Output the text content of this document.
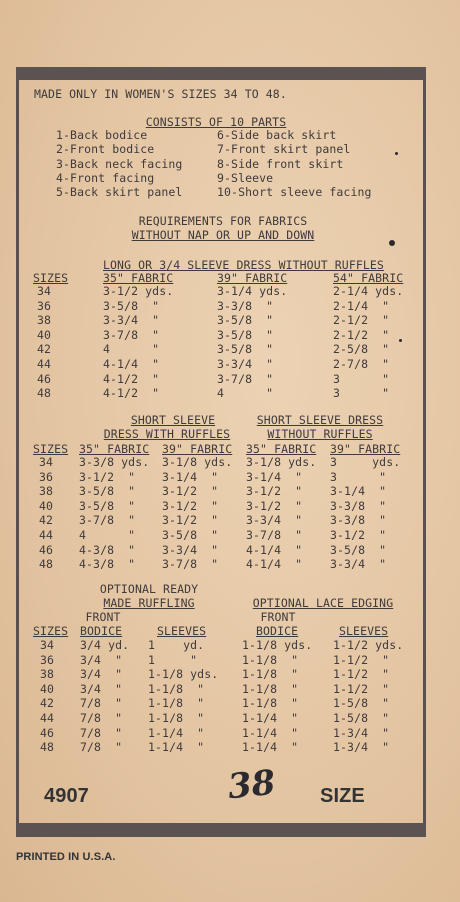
MADE ONLY IN WOMEN'S SIZES 34 TO 48.
CONSISTS OF 10 PARTS
1-Back bodice
2-Front bodice
3-Back neck facing
4-Front facing
5-Back skirt panel
6-Side back skirt
7-Front skirt panel
8-Side front skirt
9-Sleeve
10-Short sleeve facing
REQUIREMENTS FOR FABRICS
WITHOUT NAP OR UP AND DOWN
LONG OR 3/4 SLEEVE DRESS WITHOUT RUFFLES
SIZES	35" FABRIC	39" FABRIC	54" FABRIC
34	3-1/2 yds.	3-1/4 yds.	2-1/4 yds.
36	3-5/8  "	3-3/8  "	2-1/4  "
38	3-3/4  "	3-5/8  "	2-1/2  "
40	3-7/8  "	3-5/8  "	2-1/2  "
42	4      "	3-5/8  "	2-5/8  "
44	4-1/4  "	3-3/4  "	2-7/8  "
46	4-1/2  "	3-7/8  "	3      "
48	4-1/2  "	4      "	3      "
SHORT SLEEVE
DRESS WITH RUFFLES
SHORT SLEEVE DRESS
WITHOUT RUFFLES
SIZES 35" FABRIC 39" FABRIC 35" FABRIC 39" FABRIC
34 3-3/8 yds. 3-1/8 yds. 3-1/8 yds. 3     yds.
36 3-1/2  " 3-1/4  " 3-1/4  " 3      "
38 3-5/8  " 3-1/2  " 3-1/2  " 3-1/4  "
40 3-5/8  " 3-1/2  " 3-1/2  " 3-3/8  "
42 3-7/8  " 3-1/2  " 3-3/4  " 3-3/8  "
44 4      " 3-5/8  " 3-7/8  " 3-1/2  "
46 4-3/8  " 3-3/4  " 4-1/4  " 3-5/8  "
48 4-3/8  " 3-7/8  " 4-1/4  " 3-3/4  "
OPTIONAL READY
MADE RUFFLING	OPTIONAL LACE EDGING
FRONT	FRONT
SIZES BODICE	SLEEVES	BODICE	SLEEVES
34 3/4 yd. 1    yd.	1-1/8 yds. 1-1/2 yds.
36 3/4  " 1     "	1-1/8  "	1-1/2  "
38 3/4  " 1-1/8 yds. 1-1/8  "	1-1/2  "
40 3/4  " 1-1/8  "	1-1/8  "	1-1/2  "
42 7/8  " 1-1/8  "	1-1/8  "	1-5/8  "
44 7/8  " 1-1/8  "	1-1/4  "	1-5/8  "
46 7/8  " 1-1/4  "	1-1/4  "	1-3/4  "
48 7/8  " 1-1/4  "	1-1/4  "	1-3/4  "
4907	38 SIZE
PRINTED IN U.S.A.
